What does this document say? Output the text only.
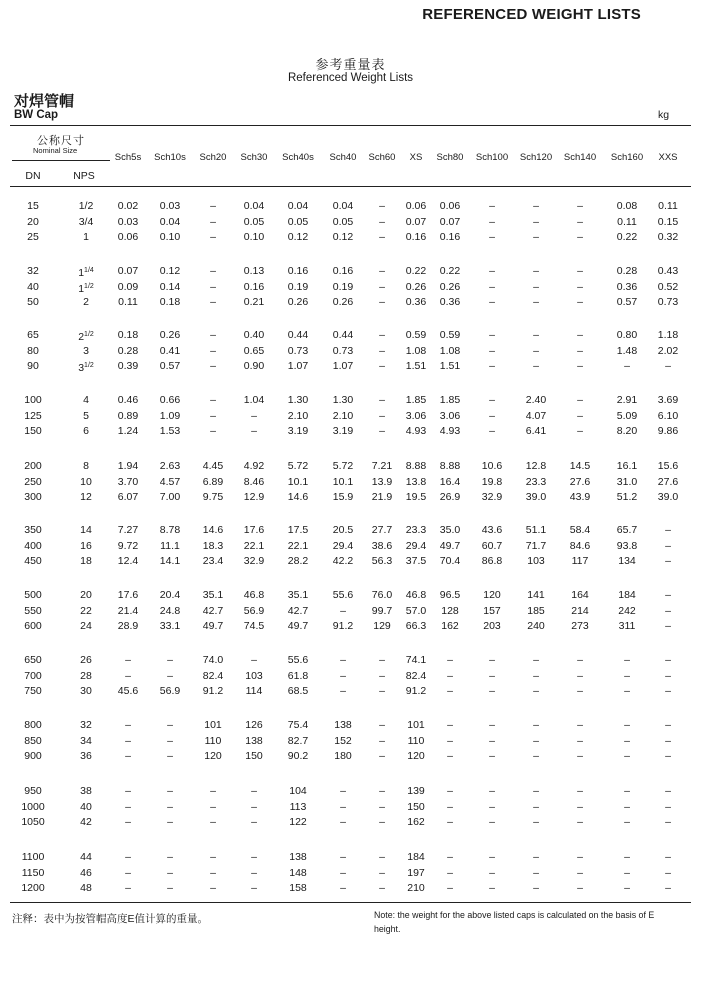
REFERENCED WEIGHT LISTS
参考重量表
Referenced Weight Lists
对焊管帽
BW Cap	kg
公称尺寸
Nominal Size
DN	NPS
注释：表中为按管帽高度E值计算的重量。	Note: the weight for the above listed caps is calculated on the basis of E height.
Sch5s Sch10s Sch20 Sch30 Sch40s Sch40 Sch60 XS Sch80 Sch100 Sch120 Sch140 Sch160 XXS
15	1/2 0.02 0.03	–	0.04 0.04 0.04 – 0.06 0.06	–	–	–	0.08 0.11
20	3/4 0.03 0.04	–	0.05 0.05 0.05 – 0.07 0.07	–	–	–	0.11 0.15
25	1	0.06 0.10	–	0.10 0.12 0.12 – 0.16 0.16	–	–	–	0.22 0.32
32	$1^{1/4}$ 0.07 0.12	–	0.13 0.16 0.16 – 0.22 0.22	–	–	–	0.28 0.43
40	$1^{1/2}$ 0.09 0.14	–	0.16 0.19 0.19 – 0.26 0.26	–	–	–	0.36 0.52
50	2	0.11 0.18	–	0.21 0.26 0.26 – 0.36 0.36	–	–	–	0.57 0.73
65	$2^{1/2}$ 0.18 0.26	–	0.40 0.44 0.44 – 0.59 0.59	–	–	–	0.80 1.18
80	3	0.28 0.41	–	0.65 0.73 0.73 – 1.08 1.08	–	–	–	1.48 2.02
90	$3^{1/2}$ 0.39 0.57	–	0.90 1.07 1.07 – 1.51 1.51	–	–	–	–	–
100	4	0.46 0.66	–	1.04 1.30 1.30 – 1.85 1.85	–	2.40	–	2.91 3.69
125	5	0.89 1.09	–	–	2.10 2.10 – 3.06 3.06	–	4.07	–	5.09 6.10
150	6	1.24 1.53	–	–	3.19 3.19 – 4.93 4.93	–	6.41	–	8.20 9.86
200	8	1.94 2.63 4.45 4.92 5.72 5.72 7.21 8.88 8.88 10.6 12.8 14.5	16.1 15.6
250	10 3.70 4.57 6.89 8.46 10.1 10.1 13.9 13.8 16.4 19.8 23.3 27.6	31.0 27.6
300	12 6.07 7.00 9.75 12.9 14.6 15.9 21.9 19.5 26.9 32.9 39.0 43.9	51.2 39.0
350	14 7.27 8.78 14.6 17.6 17.5 20.5 27.7 23.3 35.0 43.6 51.1 58.4	65.7	–
400	16 9.72 11.1 18.3 22.1 22.1 29.4 38.6 29.4 49.7 60.7 71.7 84.6	93.8	–
450	18 12.4 14.1 23.4 32.9 28.2 42.2 56.3 37.5 70.4 86.8 103	117	134	–
500	20 17.6 20.4 35.1 46.8 35.1 55.6 76.0 46.8 96.5 120	141	164	184	–
550	22 21.4 24.8 42.7 56.9 42.7	– 99.7 57.0 128 157	185	214	242	–
600	24 28.9 33.1 49.7 74.5 49.7 91.2 129 66.3 162 203	240	273	311	–
650	26	–	–	74.0	–	55.6	–	– 74.1 –	–	–	–	–	–
700	28	–	–	82.4 103 61.8	–	– 82.4 –	–	–	–	–	–
750	30 45.6 56.9 91.2 114 68.5	–	– 91.2 –	–	–	–	–	–
800	32	–	–	101 126 75.4 138	– 101 –	–	–	–	–	–
850	34	–	–	110 138 82.7 152	– 110 –	–	–	–	–	–
900	36	–	–	120 150 90.2 180	– 120 –	–	–	–	–	–
950	38	–	–	–	–	104	–	– 139 –	–	–	–	–	–
1000	40	–	–	–	–	113	–	– 150 –	–	–	–	–	–
1050	42	–	–	–	–	122	–	– 162 –	–	–	–	–	–
1100	44	–	–	–	–	138	–	– 184 –	–	–	–	–	–
1150	46	–	–	–	–	148	–	– 197 –	–	–	–	–	–
1200	48	–	–	–	–	158	–	– 210 –	–	–	–	–	–
